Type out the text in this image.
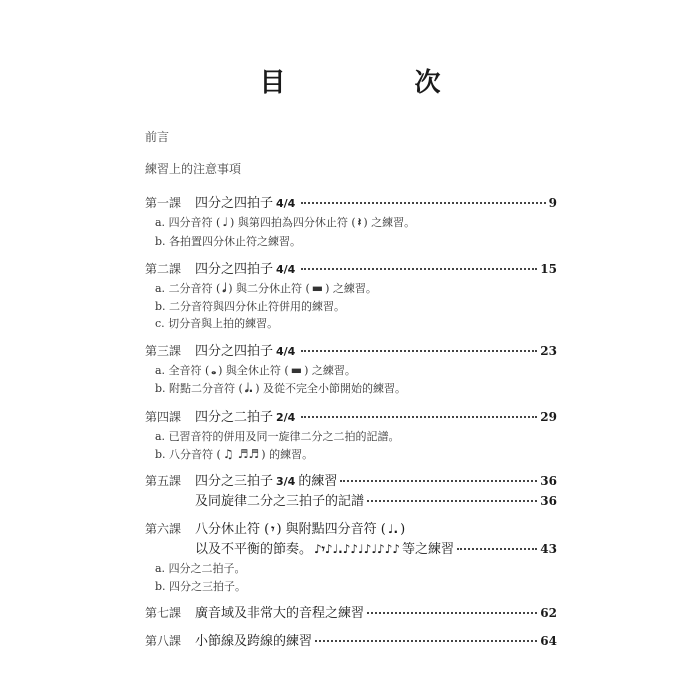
目 次
前言
練習上的注意事項
第一課	四分之四拍子 4/4	9
a. 四分音符 ( ♩ ) 與第四拍為四分休止符 ( 𝄽 ) 之練習。
b. 各拍置四分休止符之練習。
第二課	四分之四拍子 4/4	15
a. 二分音符 ( 𝅗𝅥 ) 與二分休止符 ( ▬ ) 之練習。
b. 二分音符與四分休止符併用的練習。
c. 切分音與上拍的練習。
第三課	四分之四拍子 4/4	23
a. 全音符 ( 𝅝 ) 與全休止符 ( ▬ ) 之練習。
b. 附點二分音符 ( 𝅗𝅥. ) 及從不完全小節開始的練習。
第四課	四分之二拍子 2/4	29
a. 已習音符的併用及同一旋律二分之二拍的記譜。
b. 八分音符 ( ♫ ♬♬ ) 的練習。
第五課	四分之三拍子 3/4 的練習	36
及同旋律二分之三拍子的記譜	36
第六課	八分休止符 ( 𝄾 ) 與附點四分音符 ( ♩. )
以及不平衡的節奏。 ♪𝄾♪♩.♪♪♩♪♩♪♪♪ 等之練習	43
a. 四分之二拍子。
b. 四分之三拍子。
第七課	廣音域及非常大的音程之練習	62
第八課	小節線及跨線的練習	64
